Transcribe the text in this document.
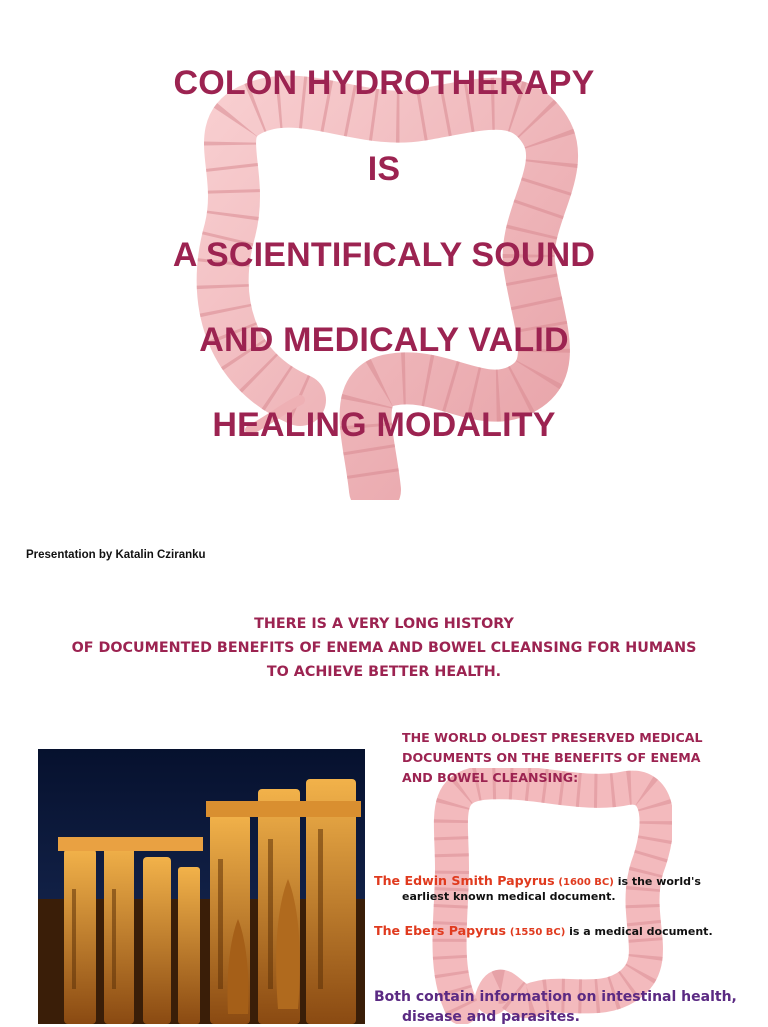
COLON HYDROTHERAPY
IS
A SCIENTIFICALY SOUND
AND MEDICALY VALID
HEALING MODALITY
Presentation by Katalin Cziranku
THERE IS A VERY LONG HISTORY
OF DOCUMENTED BENEFITS OF ENEMA AND BOWEL CLEANSING FOR HUMANS
TO ACHIEVE BETTER HEALTH.
THE WORLD OLDEST PRESERVED MEDICAL
DOCUMENTS ON THE BENEFITS OF ENEMA
AND BOWEL CLEANSING:
The Edwin Smith Papyrus (1600 BC) is the world's
earliest known medical document.
The Ebers Papyrus (1550 BC) is a medical document.
Both contain information on intestinal health,
disease and parasites.
